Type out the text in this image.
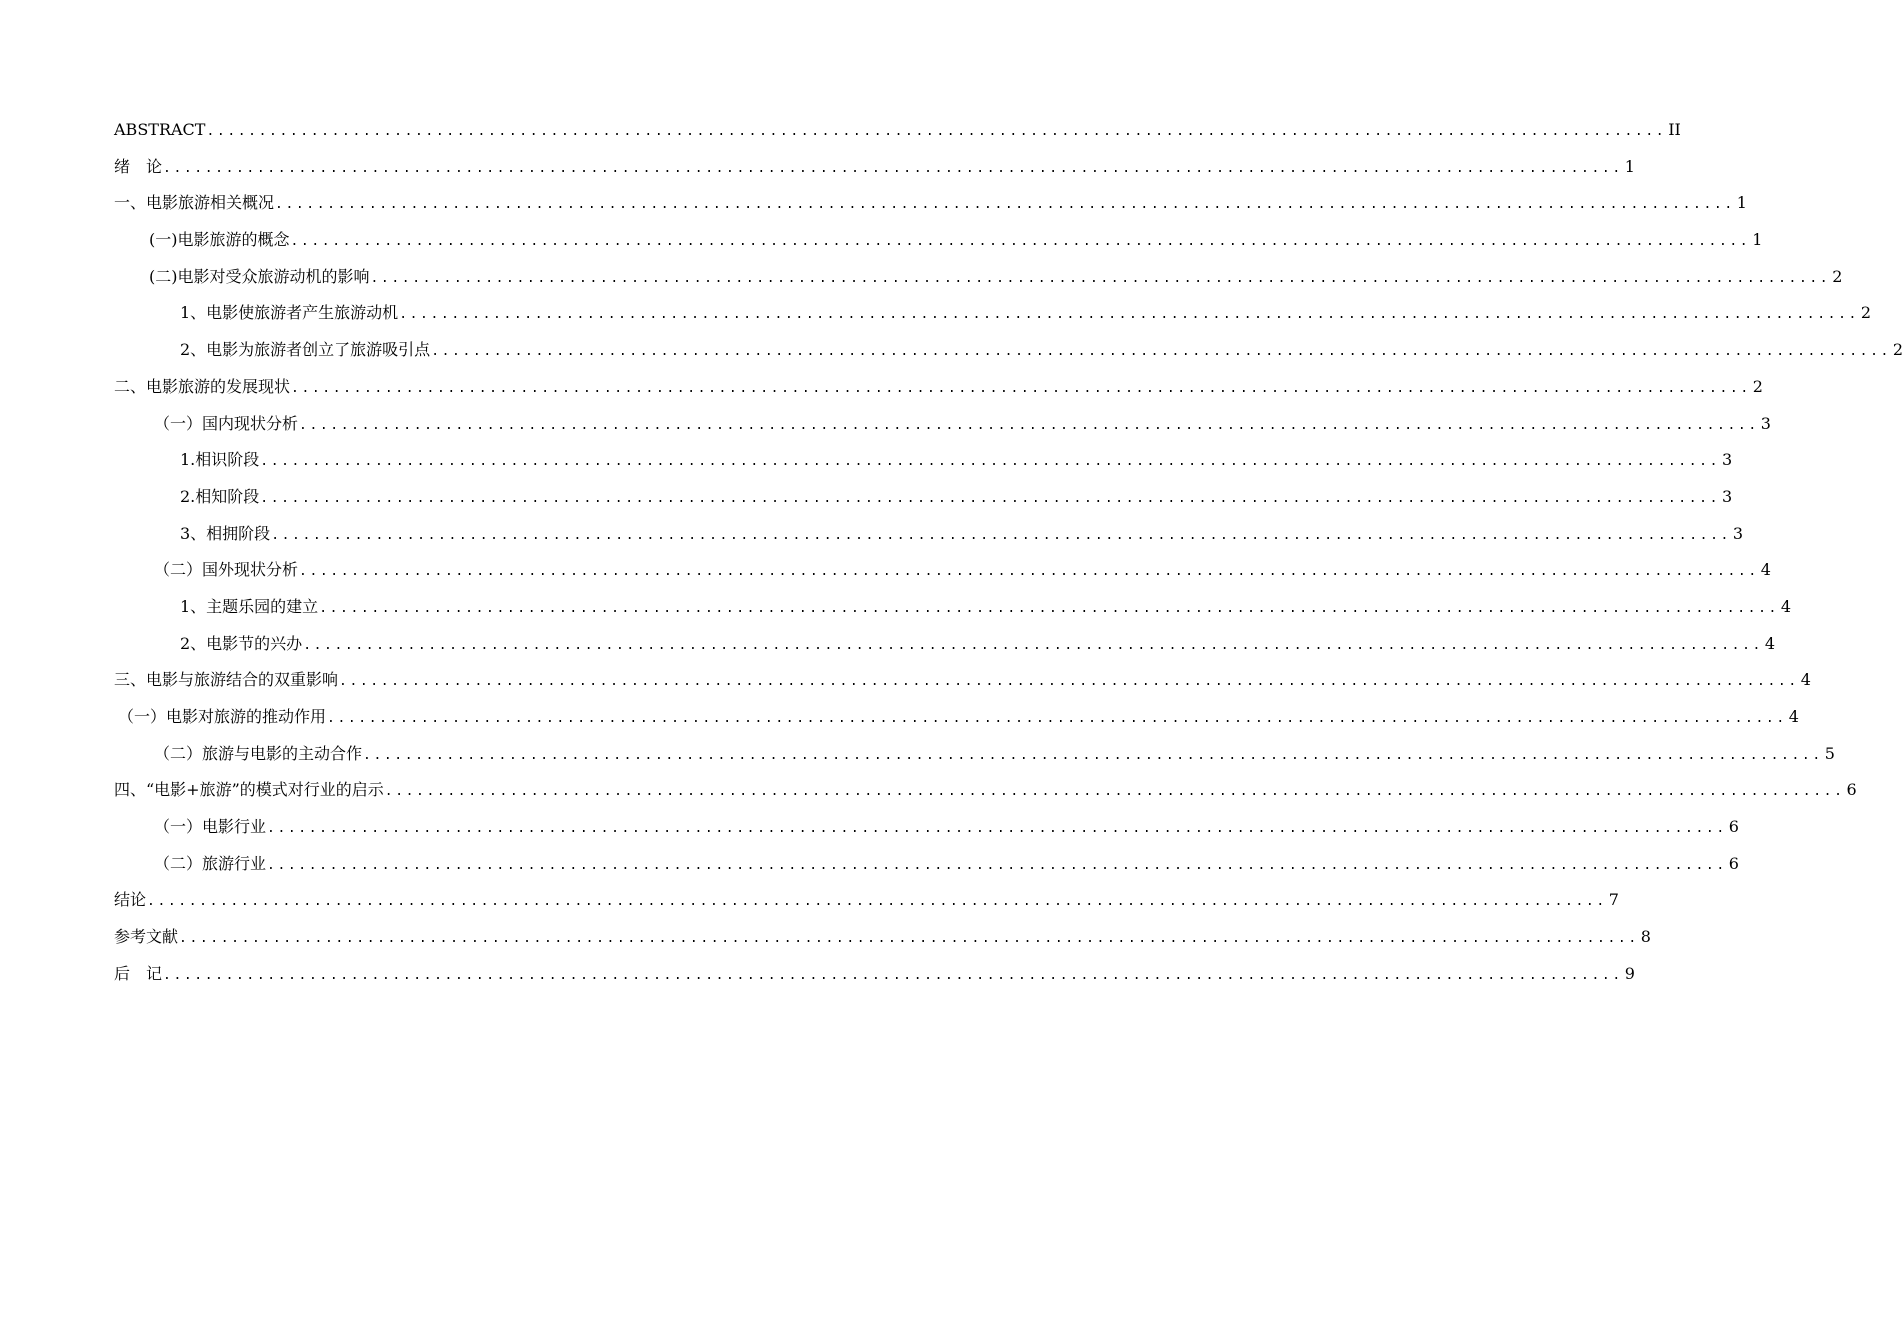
ABSTRACT ............................................................................................................................................ II
绪　论 ............................................................................................................................................ 1
一、电影旅游相关概况 ............................................................................................................................................ 1
(一)电影旅游的概念 ............................................................................................................................................ 1
(二)电影对受众旅游动机的影响 ............................................................................................................................................ 2
1、电影使旅游者产生旅游动机 ............................................................................................................................................ 2
2、电影为旅游者创立了旅游吸引点 ............................................................................................................................................ 2
二、电影旅游的发展现状 ............................................................................................................................................ 2
（一）国内现状分析 ............................................................................................................................................ 3
1.相识阶段 ............................................................................................................................................ 3
2.相知阶段 ............................................................................................................................................ 3
3、相拥阶段 ............................................................................................................................................ 3
（二）国外现状分析 ............................................................................................................................................ 4
1、主题乐园的建立 ............................................................................................................................................ 4
2、电影节的兴办 ............................................................................................................................................ 4
三、电影与旅游结合的双重影响 ............................................................................................................................................ 4
（一）电影对旅游的推动作用 ............................................................................................................................................ 4
（二）旅游与电影的主动合作 ............................................................................................................................................ 5
四、“电影+旅游”的模式对行业的启示 ............................................................................................................................................ 6
（一）电影行业 ............................................................................................................................................ 6
（二）旅游行业 ............................................................................................................................................ 6
结论 ............................................................................................................................................ 7
参考文献 ............................................................................................................................................ 8
后　记 ............................................................................................................................................ 9
